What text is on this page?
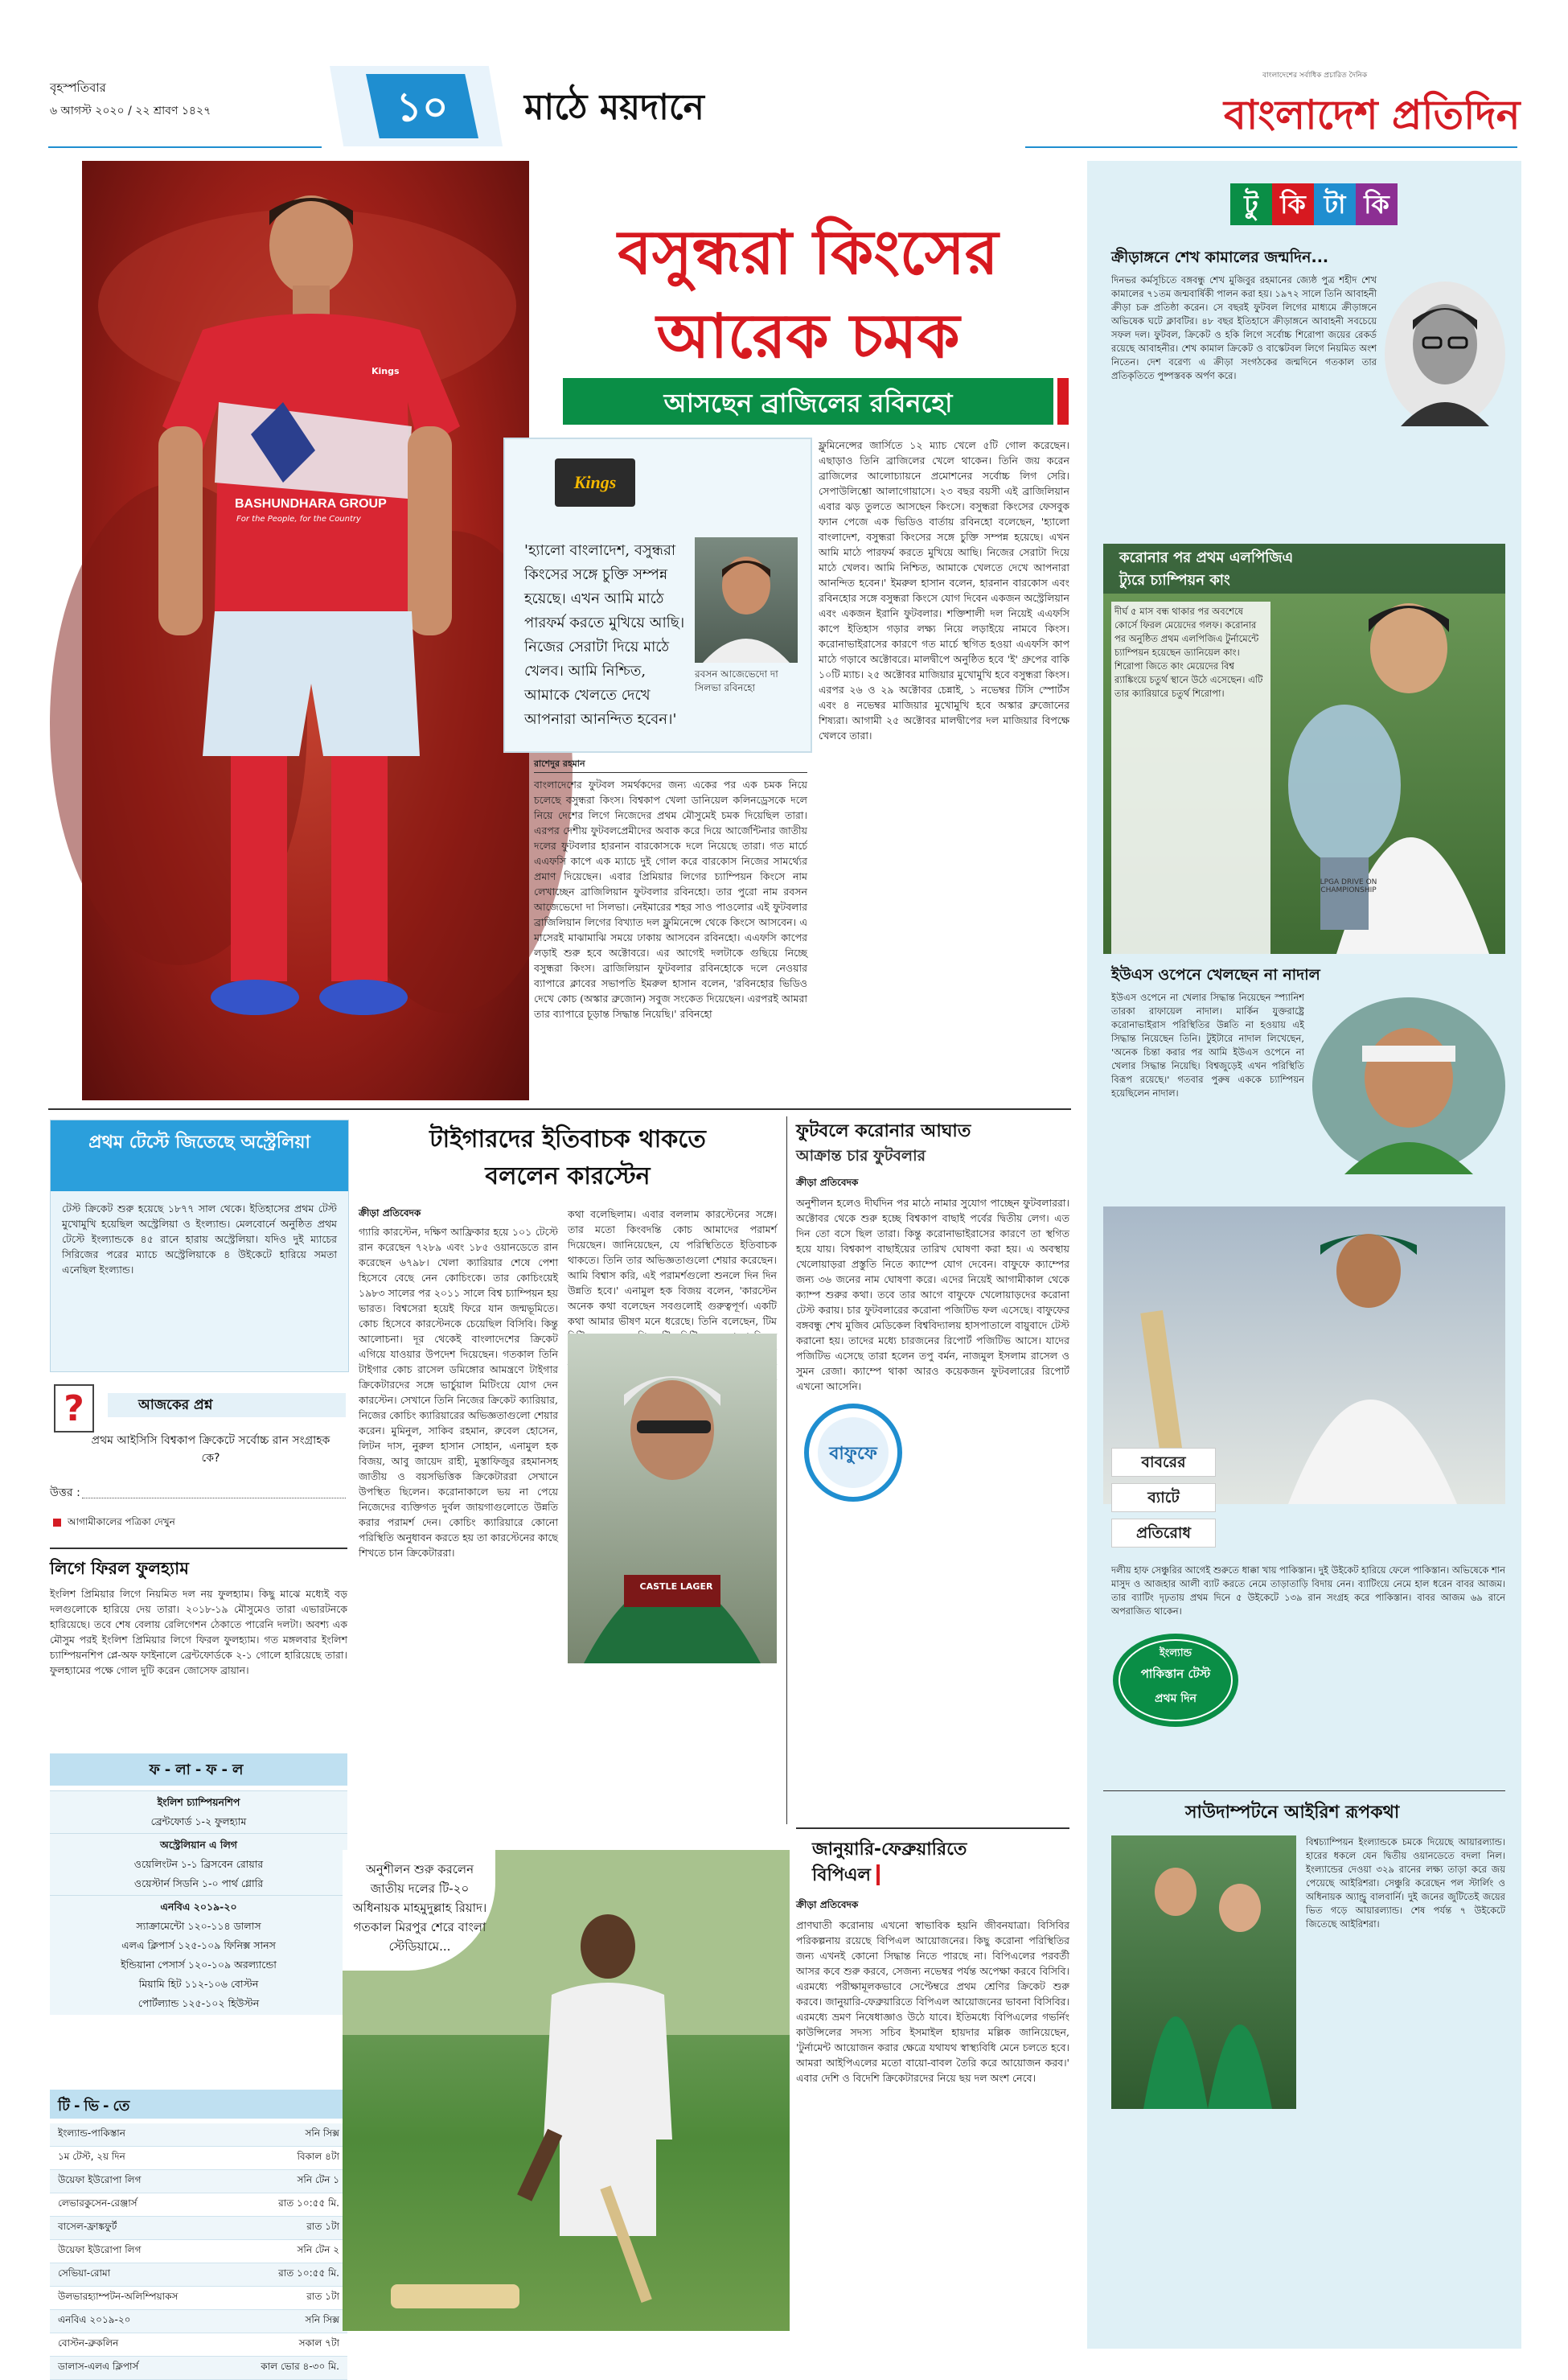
বৃহস্পতিবার
৬ আগস্ট ২০২০ / ২২ শ্রাবণ ১৪২৭	১০	মাঠে ময়দানে
বাংলাদেশের সর্বাধিক প্রচারিত দৈনিক
বাংলাদেশ প্রতিদিন
BASHUNDHARA GROUP
For the People, for the Country
Kings
বসুন্ধরা কিংসের
আরেক চমক
আসছেন ব্রাজিলের রবিনহো
Kings
'হ্যালো বাংলাদেশ, বসুন্ধরা কিংসের সঙ্গে চুক্তি সম্পন্ন হয়েছে। এখন আমি মাঠে পারফর্ম করতে মুখিয়ে আছি। নিজের সেরাটা দিয়ে মাঠে খেলব। আমি নিশ্চিত, আমাকে খেলতে দেখে আপনারা আনন্দিত হবেন।'
রবসন আজেভেদো দা সিলভা রবিনহো
রাশেদুর রহমান
বাংলাদেশের ফুটবল সমর্থকদের জন্য একের পর এক চমক নিয়ে চলেছে বসুন্ধরা কিংস। বিশ্বকাপ খেলা ডানিয়েল কলিনড্রেসকে দলে নিয়ে দেশের লিগে নিজেদের প্রথম মৌসুমেই চমক দিয়েছিল তারা। এরপর দেশীয় ফুটবলপ্রেমীদের অবাক করে দিয়ে আর্জেন্টিনার জাতীয় দলের ফুটবলার হারনান বারকোসকে দলে নিয়েছে তারা। গত মার্চে এএফসি কাপে এক ম্যাচে দুই গোল করে বারকোস নিজের সামর্থ্যের প্রমাণ দিয়েছেন। এবার প্রিমিয়ার লিগের চ্যাম্পিয়ন কিংসে নাম লেখাচ্ছেন ব্রাজিলিয়ান ফুটবলার রবিনহো। তার পুরো নাম রবসন আজেভেদো দা সিলভা। নেইমারের শহর সাও পাওলোর এই ফুটবলার ব্রাজিলিয়ান লিগের বিখ্যাত দল ফ্লুমিনেন্সে থেকে কিংসে আসবেন। এ মাসেরই মাঝামাঝি সময়ে ঢাকায় আসবেন রবিনহো। এএফসি কাপের লড়াই শুরু হবে অক্টোবরে। এর আগেই দলটাকে গুছিয়ে নিচ্ছে বসুন্ধরা কিংস। ব্রাজিলিয়ান ফুটবলার রবিনহোকে দলে নেওয়ার ব্যাপারে ক্লাবের সভাপতি ইমরুল হাসান বলেন, 'রবিনহোর ভিডিও দেখে কোচ (অস্কার ব্রুজোন) সবুজ সংকেত দিয়েছেন। এরপরই আমরা তার ব্যাপারে চূড়ান্ত সিদ্ধান্ত নিয়েছি।' রবিনহো
ফ্লুমিনেন্সের জার্সিতে ১২ ম্যাচ খেলে ৫টি গোল করেছেন। এছাড়াও তিনি ব্রাজিলের খেলে থাকেন। তিনি জয় করেন ব্রাজিলের আলোচ্যায়নে প্রমোশনের সর্বোচ্চ লিগ সেরি। সেপাউলিশ্তো আলাগোয়াসে। ২৩ বছর বয়সী এই ব্রাজিলিয়ান এবার ঝড় তুলতে আসছেন কিংসে। বসুন্ধরা কিংসের ফেসবুক ফ্যান পেজে এক ভিডিও বার্তায় রবিনহো বলেছেন, 'হ্যালো বাংলাদেশ, বসুন্ধরা কিংসের সঙ্গে চুক্তি সম্পন্ন হয়েছে। এখন আমি মাঠে পারফর্ম করতে মুখিয়ে আছি। নিজের সেরাটা দিয়ে মাঠে খেলব। আমি নিশ্চিত, আমাকে খেলতে দেখে আপনারা আনন্দিত হবেন।' ইমরুল হাসান বলেন, হারনান বারকোস এবং রবিনহোর সঙ্গে বসুন্ধরা কিংসে যোগ দিবেন একজন অস্ট্রেলিয়ান এবং একজন ইরানি ফুটবলার। শক্তিশালী দল নিয়েই এএফসি কাপে ইতিহাস গড়ার লক্ষ্য নিয়ে লড়াইয়ে নামবে কিংস। করোনাভাইরাসের কারণে গত মার্চে স্থগিত হওয়া এএফসি কাপ মাঠে গড়াবে অক্টোবরে। মালদ্বীপে অনুষ্ঠিত হবে 'ই' গ্রুপের বাকি ১০টি ম্যাচ। ২৫ অক্টোবর মাজিয়ার মুখোমুখি হবে বসুন্ধরা কিংস। এরপর ২৬ ও ২৯ অক্টোবর চেন্নাই, ১ নভেম্বর টিসি স্পোর্টস এবং ৪ নভেম্বর মাজিয়ার মুখোমুখি হবে অস্কার ব্রুজোনের শিষ্যরা। আগামী ২৫ অক্টোবর মালদ্বীপের দল মাজিয়ার বিপক্ষে খেলবে তারা।
প্রথম টেস্টে জিতেছে অস্ট্রেলিয়া
টেস্ট ক্রিকেট শুরু হয়েছে ১৮৭৭ সাল থেকে। ইতিহাসের প্রথম টেস্ট মুখোমুখি হয়েছিল অস্ট্রেলিয়া ও ইংল্যান্ড। মেলবোর্নে অনুষ্ঠিত প্রথম টেস্টে ইংল্যান্ডকে ৪৫ রানে হারায় অস্ট্রেলিয়া। যদিও দুই ম্যাচের সিরিজের পরের ম্যাচে অস্ট্রেলিয়াকে ৪ উইকেটে হারিয়ে সমতা এনেছিল ইংল্যান্ড।
?	আজকের প্রশ্ন
প্রথম আইসিসি বিশ্বকাপ ক্রিকেটে সর্বোচ্চ রান সংগ্রাহক কে?
উত্তর :
আগামীকালের পত্রিকা দেখুন
লিগে ফিরল ফুলহ্যাম
ইংলিশ প্রিমিয়ার লিগে নিয়মিত দল নয় ফুলহ্যাম। কিছু মাঝে মধ্যেই বড় দলগুলোকে হারিয়ে দেয় তারা। ২০১৮-১৯ মৌসুমেও তারা এভারটনকে হারিয়েছে। তবে শেষ বেলায় রেলিগেশন ঠেকাতে পারেনি দলটা। অবশ্য এক মৌসুম পরই ইংলিশ প্রিমিয়ার লিগে ফিরল ফুলহ্যাম। গত মঙ্গলবার ইংলিশ চ্যাম্পিয়নশিপ প্লে-অফ ফাইনালে ব্রেন্টফোর্ডকে ২-১ গোলে হারিয়েছে তারা। ফুলহ্যামের পক্ষে গোল দুটি করেন জোসেফ ব্রায়ান।
ফ-লা-ফ-ল
ইংলিশ চ্যাম্পিয়নশিপ
ব্রেন্টফোর্ড ১-২ ফুলহ্যাম
অস্ট্রেলিয়ান এ লিগ
ওয়েলিংটন ১-১ ব্রিসবেন রোয়ার
ওয়েস্টার্ন সিডনি ১-০ পার্থ গ্লোরি
এনবিএ ২০১৯-২০
স্যাক্রামেন্টো ১২০-১১৪ ডালাস
এলএ ক্লিপার্স ১২৫-১০৯ ফিনিক্স সানস
ইন্ডিয়ানা পেসার্স ১২০-১০৯ অরল্যান্ডো
মিয়ামি হিট ১১২-১০৬ বোস্টন
পোর্টল্যান্ড ১২৫-১০২ হিউস্টন
টি-ভি-তে
ইংল্যান্ড-পাকিস্তান	সনি সিক্স
১ম টেস্ট, ২য় দিন	বিকাল ৪টা
উয়েফা ইউরোপা লিগ	সনি টেন ১
লেভারকুসেন-রেঞ্জার্স	রাত ১০:৫৫ মি.
বাসেল-ফ্রাঙ্কফুর্ট	রাত ১টা
উয়েফা ইউরোপা লিগ	সনি টেন ২
সেভিয়া-রোমা	রাত ১০:৫৫ মি.
উলভারহ্যাম্পটন-অলিম্পিয়াকস	রাত ১টা
এনবিএ ২০১৯-২০	সনি সিক্স
বোস্টন-ব্রুকলিন	সকাল ৭টা
ডালাস-এলএ ক্লিপার্স	কাল ভোর ৪-৩০ মি.
টাইগারদের ইতিবাচক থাকতে
বললেন কারস্টেন
ক্রীড়া প্রতিবেদক
গ্যারি কারস্টেন, দক্ষিণ আফ্রিকার হয়ে ১০১ টেস্টে রান করেছেন ৭২৮৯ এবং ১৮৫ ওয়ানডেতে রান করেছেন ৬৭৯৮। খেলা ক্যারিয়ার শেষে পেশা হিসেবে বেছে নেন কোচিংকে। তার কোচিংয়েই ১৯৮৩ সালের পর ২০১১ সালে বিশ্ব চ্যাম্পিয়ন হয় ভারত। বিশ্বসেরা হয়েই ফিরে যান জন্মভূমিতে। কোচ হিসেবে কারস্টেনকে চেয়েছিল বিসিবি। কিন্তু আলোচনা। দূর থেকেই বাংলাদেশের ক্রিকেট এগিয়ে যাওয়ার উপদেশ দিয়েছেন। গতকাল তিনি টাইগার কোচ রাসেল ডমিঙ্গোর আমন্ত্রণে টাইগার ক্রিকেটারদের সঙ্গে ভার্চুয়াল মিটিংয়ে যোগ দেন কারস্টেন। সেখানে তিনি নিজের ক্রিকেট ক্যারিয়ার, নিজের কোচিং ক্যারিয়ারের অভিজ্ঞতাগুলো শেয়ার করেন। মুমিনুল, সাকিব রহমান, রুবেল হোসেন, লিটন দাস, নুরুল হাসান সোহান, এনামুল হক বিজয়, আবু জায়েদ রাহী, মুস্তাফিজুর রহমানসহ জাতীয় ও বয়সভিত্তিক ক্রিকেটাররা সেখানে উপস্থিত ছিলেন। করোনাকালে ভয় না পেয়ে নিজেদের ব্যক্তিগত দুর্বল জায়গাগুলোতে উন্নতি করার পরামর্শ দেন। কোচিং ক্যারিয়ারে কোনো পরিস্থিতি অনুধাবন করতে হয় তা কারস্টেনের কাছে শিখতে চান ক্রিকেটাররা।
কথা বলেছিলাম। এবার বললাম কারস্টেনের সঙ্গে। তার মতো কিংবদন্তি কোচ আমাদের পরামর্শ দিয়েছেন। জানিয়েছেন, যে পরিস্থিতিতে ইতিবাচক থাকতে। তিনি তার অভিজ্ঞতাগুলো শেয়ার করেছেন। আমি বিশ্বাস করি, এই পরামর্শগুলো শুনলে দিন দিন উন্নতি হবে।' এনামুল হক বিজয় বলেন, 'কারস্টেন অনেক কথা বলেছেন সবগুলোই গুরুত্বপূর্ণ। একটি কথা আমার ভীষণ মনে ধরেছে। তিনি বলেছেন, টিম
CASTLE LAGER
অনুশীলন শুরু করলেন জাতীয় দলের টি-২০ অধিনায়ক মাহমুদুল্লাহ রিয়াদ। গতকাল মিরপুর শেরে বাংলা স্টেডিয়ামে...
ফুটবলে করোনার আঘাত
আক্রান্ত চার ফুটবলার
ক্রীড়া প্রতিবেদক
অনুশীলন হলেও দীর্ঘদিন পর মাঠে নামার সুযোগ পাচ্ছেন ফুটবলাররা। অক্টোবর থেকে শুরু হচ্ছে বিশ্বকাপ বাছাই পর্বের দ্বিতীয় লেগ। এত দিন তো বসে ছিল তারা। কিন্তু করোনাভাইরাসের কারণে তা স্থগিত হয়ে যায়। বিশ্বকাপ বাছাইয়ের তারিখ ঘোষণা করা হয়। এ অবস্থায় খেলোয়াড়রা প্রস্তুতি নিতে ক্যাম্পে যোগ দেবেন। বাফুফে ক্যাম্পের জন্য ৩৬ জনের নাম ঘোষণা করে। এদের নিয়েই আগামীকাল থেকে ক্যাম্প শুরুর কথা। তবে তার আগে বাফুফে খেলোয়াড়দের করোনা টেস্ট করায়। চার ফুটবলারের করোনা পজিটিভ ফল এসেছে। বাফুফের বঙ্গবন্ধু শেখ মুজিব মেডিকেল বিশ্ববিদ্যালয় হাসপাতালে বায়ুবাদে টেস্ট করানো হয়। তাদের মধ্যে চারজনের রিপোর্ট পজিটিভ আসে। যাদের পজিটিভ এসেছে তারা হলেন তপু বর্মন, নাজমুল ইসলাম রাসেল ও সুমন রেজা। ক্যাম্পে থাকা আরও কয়েকজন ফুটবলারের রিপোর্ট এখনো আসেনি।
বাফুফে
জানুয়ারি-ফেব্রুয়ারিতে
বিপিএল
ক্রীড়া প্রতিবেদক
প্রাণঘাতী করোনায় এখনো স্বাভাবিক হয়নি জীবনযাত্রা। বিসিবির পরিকল্পনায় রয়েছে বিপিএল আয়োজনের। কিছু করোনা পরিস্থিতির জন্য এখনই কোনো সিদ্ধান্ত নিতে পারছে না। বিপিএলের পরবর্তী আসর কবে শুরু করবে, সেজন্য নভেম্বর পর্যন্ত অপেক্ষা করবে বিসিবি। এরমধ্যে পরীক্ষামূলকভাবে সেপ্টেম্বরে প্রথম শ্রেণির ক্রিকেট শুরু করবে। জানুয়ারি-ফেব্রুয়ারিতে বিপিএল আয়োজনের ভাবনা বিসিবির। এরমধ্যে ভ্রমণ নিষেধাজ্ঞাও উঠে যাবে। ইতিমধ্যে বিপিএলের গভর্নিং কাউন্সিলের সদস্য সচিব ইসমাইল হায়দার মল্লিক জানিয়েছেন, 'টুর্নামেন্ট আয়োজন করার ক্ষেত্রে যথাযথ স্বাস্থ্যবিধি মেনে চলতে হবে। আমরা আইপিএলের মতো বায়ো-বাবল তৈরি করে আয়োজন করব।' এবার দেশি ও বিদেশি ক্রিকেটারদের নিয়ে ছয় দল অংশ নেবে।
টু কি টা কি
ক্রীড়াঙ্গনে শেখ কামালের জন্মদিন...
দিনভর কর্মসূচিতে বঙ্গবন্ধু শেখ মুজিবুর রহমানের জ্যেষ্ঠ পুত্র শহীদ শেখ কামালের ৭১তম জন্মবার্ষিকী পালন করা হয়। ১৯৭২ সালে তিনি আবাহনী ক্রীড়া চক্র প্রতিষ্ঠা করেন। সে বছরই ফুটবল লিগের মাধ্যমে ক্রীড়াঙ্গনে অভিষেক ঘটে ক্লাবটির। ৪৮ বছর ইতিহাসে ক্রীড়াঙ্গনে আবাহনী সবচেয়ে সফল দল। ফুটবল, ক্রিকেট ও হকি লিগে সর্বোচ্চ শিরোপা জয়ের রেকর্ড রয়েছে আবাহনীর। শেখ কামাল ক্রিকেট ও বাস্কেটবল লিগে নিয়মিত অংশ নিতেন। দেশ বরেণ্য এ ক্রীড়া সংগঠকের জন্মদিনে গতকাল তার প্রতিকৃতিতে পুষ্পস্তবক অর্পণ করে।
করোনার পর প্রথম এলপিজিএ
ট্যুরে চ্যাম্পিয়ন কাং
দীর্ঘ ৫ মাস বন্ধ থাকার পর অবশেষে কোর্সে ফিরল মেয়েদের গলফ। করোনার পর অনুষ্ঠিত প্রথম এলপিজিএ টুর্নামেন্টে চ্যাম্পিয়ন হয়েছেন ড্যানিয়েল কাং। শিরোপা জিতে কাং মেয়েদের বিশ্ব র‍্যাঙ্কিংয়ে চতুর্থ স্থানে উঠে এসেছেন। এটি তার ক্যারিয়ারে চতুর্থ শিরোপা।
LPGA DRIVE ON CHAMPIONSHIP
ইউএস ওপেনে খেলছেন না নাদাল
ইউএস ওপেনে না খেলার সিদ্ধান্ত নিয়েছেন স্প্যানিশ তারকা রাফায়েল নাদাল। মার্কিন যুক্তরাষ্ট্রে করোনাভাইরাস পরিস্থিতির উন্নতি না হওয়ায় এই সিদ্ধান্ত নিয়েছেন তিনি। টুইটারে নাদাল লিখেছেন, 'অনেক চিন্তা করার পর আমি ইউএস ওপেনে না খেলার সিদ্ধান্ত নিয়েছি। বিশ্বজুড়েই এখন পরিস্থিতি বিরূপ রয়েছে।' গতবার পুরুষ এককে চ্যাম্পিয়ন হয়েছিলেন নাদাল।
বাবরের
ব্যাটে
প্রতিরোধ
দলীয় হাফ সেঞ্চুরির আগেই শুরুতে ধাক্কা খায় পাকিস্তান। দুই উইকেট হারিয়ে ফেলে পাকিস্তান। অভিষেকে শান মাসুদ ও আজহার আলী ব্যাট করতে নেমে তাড়াতাড়ি বিদায় নেন। ব্যাটিংয়ে নেমে হাল ধরেন বাবর আজম। তার ব্যাটিং দৃঢ়তায় প্রথম দিনে ৫ উইকেটে ১৩৯ রান সংগ্রহ করে পাকিস্তান। বাবর আজম ৬৯ রানে অপরাজিত থাকেন।
ইংল্যান্ড
পাকিস্তান টেস্ট
প্রথম দিন
সাউদাম্পটনে আইরিশ রূপকথা
বিশ্বচ্যাম্পিয়ন ইংল্যান্ডকে চমকে দিয়েছে আয়ারল্যান্ড। হারের ধকলে যেন দ্বিতীয় ওয়ানডেতে বদলা নিল। ইংল্যান্ডের দেওয়া ৩২৯ রানের লক্ষ্য তাড়া করে জয় পেয়েছে আইরিশরা। সেঞ্চুরি করেছেন পল স্টার্লিং ও অধিনায়ক অ্যান্ড্রু বালবার্নি। দুই জনের জুটিতেই জয়ের ভিত গড়ে আয়ারল্যান্ড। শেষ পর্যন্ত ৭ উইকেটে জিতেছে আইরিশরা।
